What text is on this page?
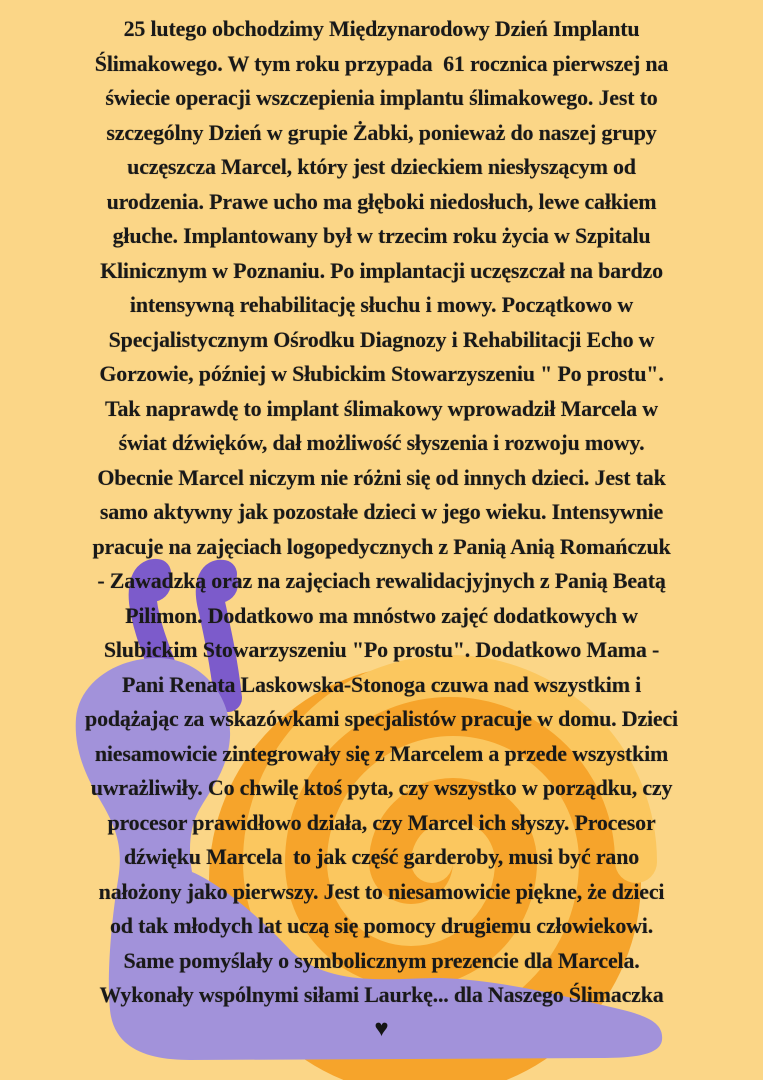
25 lutego obchodzimy Międzynarodowy Dzień Implantu
Ślimakowego. W tym roku przypada  61 rocznica pierwszej na
świecie operacji wszczepienia implantu ślimakowego. Jest to
szczególny Dzień w grupie Żabki, ponieważ do naszej grupy
uczęszcza Marcel, który jest dzieckiem niesłyszącym od
urodzenia. Prawe ucho ma głęboki niedosłuch, lewe całkiem
głuche. Implantowany był w trzecim roku życia w Szpitalu
Klinicznym w Poznaniu. Po implantacji uczęszczał na bardzo
intensywną rehabilitację słuchu i mowy. Początkowo w
Specjalistycznym Ośrodku Diagnozy i Rehabilitacji Echo w
Gorzowie, później w Słubickim Stowarzyszeniu " Po prostu".
Tak naprawdę to implant ślimakowy wprowadził Marcela w
świat dźwięków, dał możliwość słyszenia i rozwoju mowy.
Obecnie Marcel niczym nie różni się od innych dzieci. Jest tak
samo aktywny jak pozostałe dzieci w jego wieku. Intensywnie
pracuje na zajęciach logopedycznych z Panią Anią Romańczuk
- Zawadzką oraz na zajęciach rewalidacjyjnych z Panią Beatą
Pilimon. Dodatkowo ma mnóstwo zajęć dodatkowych w
Slubickim Stowarzyszeniu "Po prostu". Dodatkowo Mama -
Pani Renata Laskowska-Stonoga czuwa nad wszystkim i
podążając za wskazówkami specjalistów pracuje w domu. Dzieci
niesamowicie zintegrowały się z Marcelem a przede wszystkim
uwrażliwiły. Co chwilę ktoś pyta, czy wszystko w porządku, czy
procesor prawidłowo działa, czy Marcel ich słyszy. Procesor
dźwięku Marcela  to jak część garderoby, musi być rano
nałożony jako pierwszy. Jest to niesamowicie piękne, że dzieci
od tak młodych lat uczą się pomocy drugiemu człowiekowi.
Same pomyślały o symbolicznym prezencie dla Marcela.
Wykonały wspólnymi siłami Laurkę... dla Naszego Ślimaczka
♥
